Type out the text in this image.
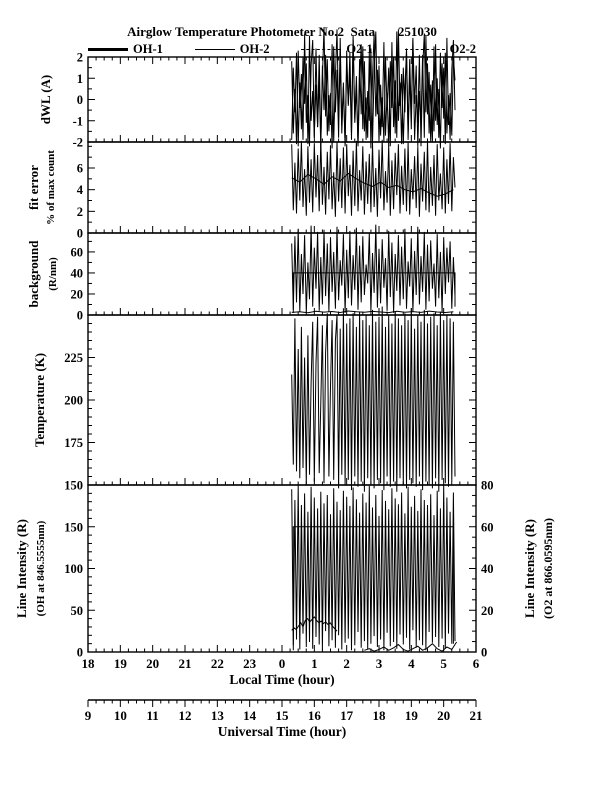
Airglow Temperature Photometer No.2  Sata       251030
OH-1	OH-2	O2-1	O2-2
2
1
0
-1
-2
dWL (A)
6
4
2
0
fit error % of max count
60
40
20
0
background (R/nm)
225
200
175
150
Temperature (K)
150
100
50
0
80
60
40
20
0
Line Intensity (R) (O2 at 866.0595nm)
Line Intensity (R) (OH at 846.5555nm)
18 19 20 21 22 23 0 1 2 3 4 5 6
Local Time (hour)
9 10 11 12 13 14 15 16 17 18 19 20 21
Universal Time (hour)
